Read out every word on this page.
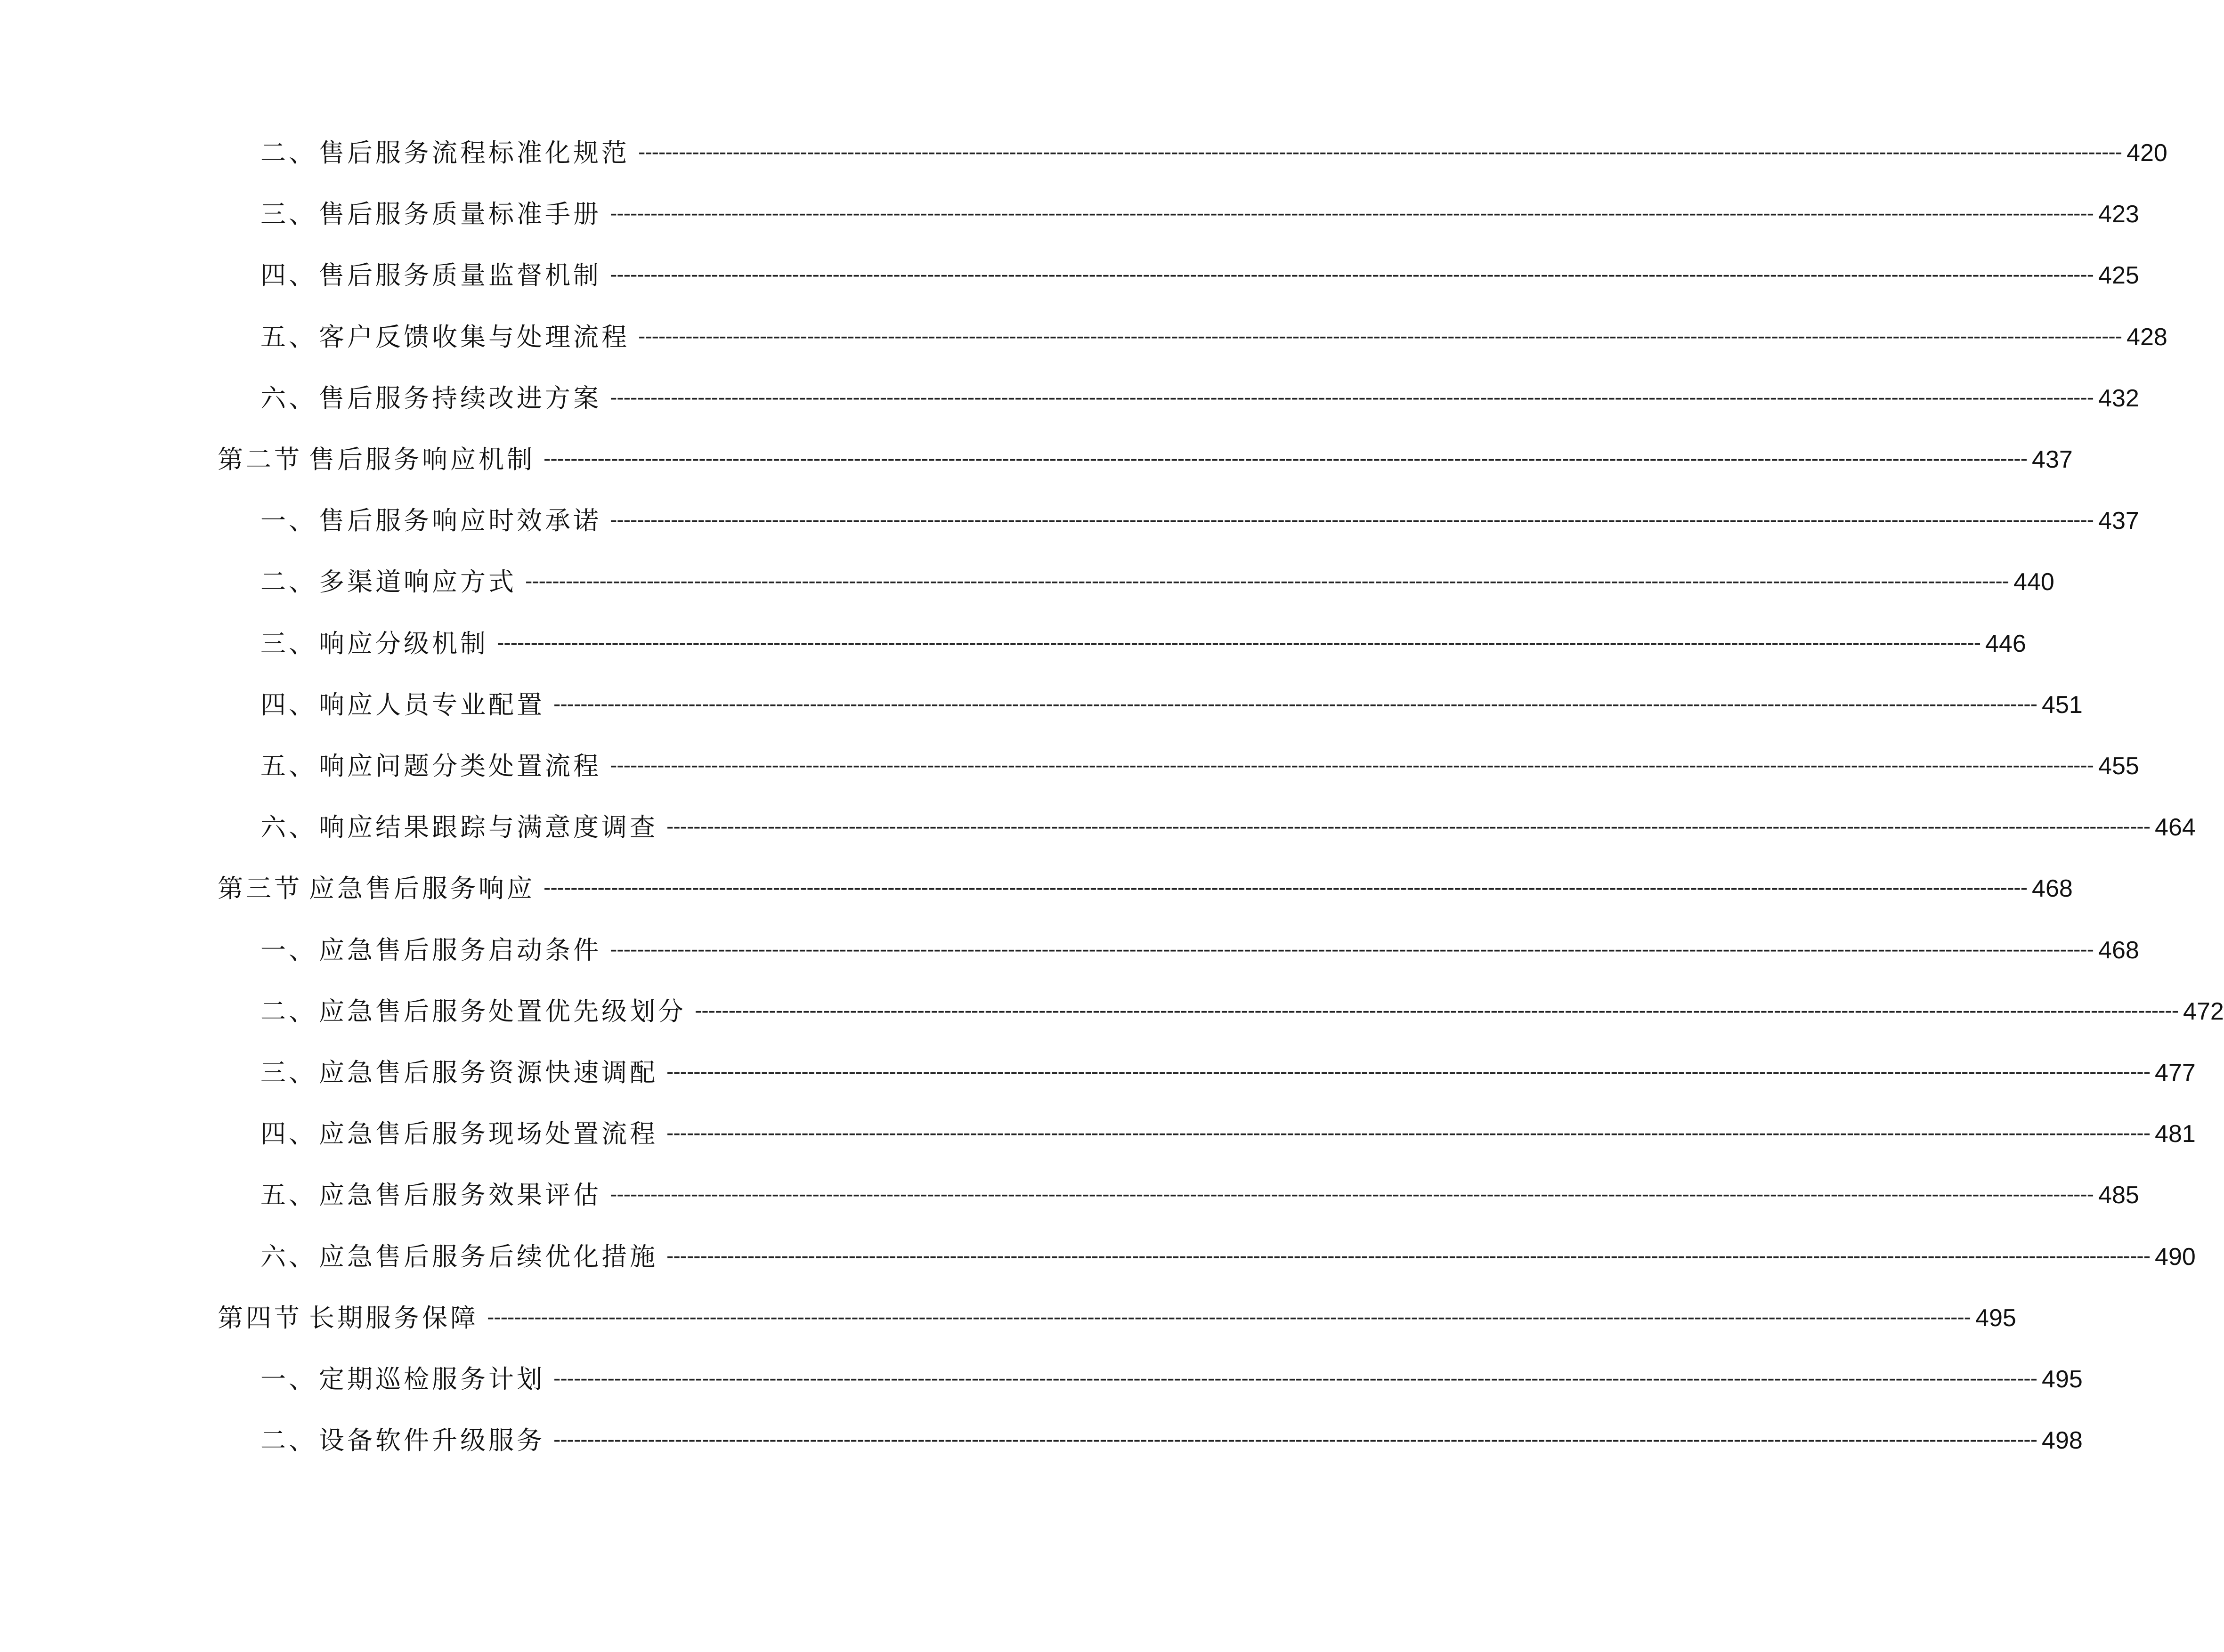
二、 售后服务流程标准化规范 ---------------------------------------------------------------------------------------------------------------------------------------------------------------------------------------------------------------------------- 420
三、 售后服务质量标准手册 ---------------------------------------------------------------------------------------------------------------------------------------------------------------------------------------------------------------------------- 423
四、 售后服务质量监督机制 ---------------------------------------------------------------------------------------------------------------------------------------------------------------------------------------------------------------------------- 425
五、 客户反馈收集与处理流程 ---------------------------------------------------------------------------------------------------------------------------------------------------------------------------------------------------------------------------- 428
六、 售后服务持续改进方案 ---------------------------------------------------------------------------------------------------------------------------------------------------------------------------------------------------------------------------- 432
第二节 售后服务响应机制 ---------------------------------------------------------------------------------------------------------------------------------------------------------------------------------------------------------------------------- 437
一、 售后服务响应时效承诺 ---------------------------------------------------------------------------------------------------------------------------------------------------------------------------------------------------------------------------- 437
二、 多渠道响应方式 ---------------------------------------------------------------------------------------------------------------------------------------------------------------------------------------------------------------------------- 440
三、 响应分级机制 ---------------------------------------------------------------------------------------------------------------------------------------------------------------------------------------------------------------------------- 446
四、 响应人员专业配置 ---------------------------------------------------------------------------------------------------------------------------------------------------------------------------------------------------------------------------- 451
五、 响应问题分类处置流程 ---------------------------------------------------------------------------------------------------------------------------------------------------------------------------------------------------------------------------- 455
六、 响应结果跟踪与满意度调查 ---------------------------------------------------------------------------------------------------------------------------------------------------------------------------------------------------------------------------- 464
第三节 应急售后服务响应 ---------------------------------------------------------------------------------------------------------------------------------------------------------------------------------------------------------------------------- 468
一、 应急售后服务启动条件 ---------------------------------------------------------------------------------------------------------------------------------------------------------------------------------------------------------------------------- 468
二、 应急售后服务处置优先级划分 ---------------------------------------------------------------------------------------------------------------------------------------------------------------------------------------------------------------------------- 472
三、 应急售后服务资源快速调配 ---------------------------------------------------------------------------------------------------------------------------------------------------------------------------------------------------------------------------- 477
四、 应急售后服务现场处置流程 ---------------------------------------------------------------------------------------------------------------------------------------------------------------------------------------------------------------------------- 481
五、 应急售后服务效果评估 ---------------------------------------------------------------------------------------------------------------------------------------------------------------------------------------------------------------------------- 485
六、 应急售后服务后续优化措施 ---------------------------------------------------------------------------------------------------------------------------------------------------------------------------------------------------------------------------- 490
第四节 长期服务保障 ---------------------------------------------------------------------------------------------------------------------------------------------------------------------------------------------------------------------------- 495
一、 定期巡检服务计划 ---------------------------------------------------------------------------------------------------------------------------------------------------------------------------------------------------------------------------- 495
二、 设备软件升级服务 ---------------------------------------------------------------------------------------------------------------------------------------------------------------------------------------------------------------------------- 498
